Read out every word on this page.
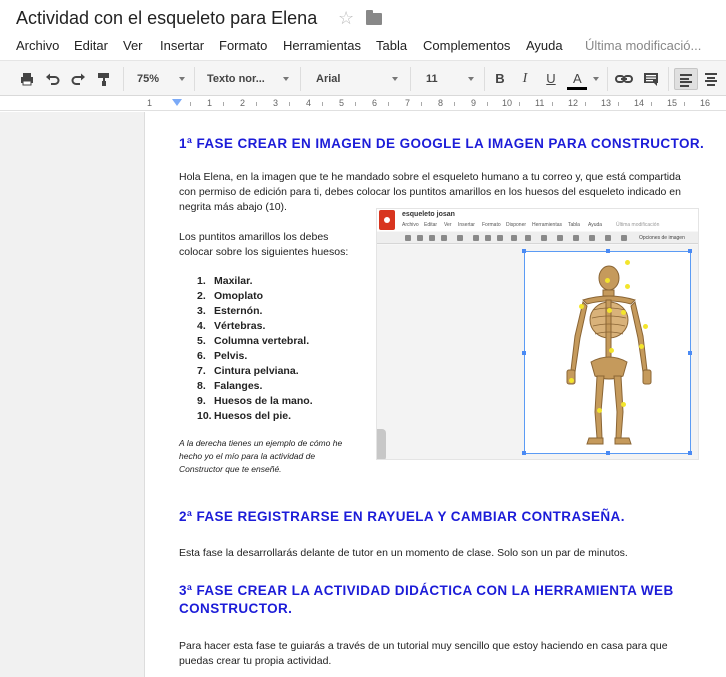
Actividad con el esqueleto para Elena ☆
Archivo Editar Ver Insertar Formato Herramientas Tabla Complementos Ayuda Última modificació...
75%	Texto nor...	Arial	11	B	I	U	A
1	1	2	3	4	5	6	7	8	9	10	11	12	13	14	15	16
1ª FASE CREAR EN IMAGEN DE GOOGLE LA IMAGEN PARA CONSTRUCTOR.
Hola Elena, en la imagen que te he mandado sobre el esqueleto humano a tu correo y, que está compartida
con permiso de edición para ti, debes colocar los puntitos amarillos en los huesos del esqueleto indicado en
negrita más abajo (10).
Los puntitos amarillos los debes
colocar sobre los siguientes huesos:
1. Maxilar.
2. Omoplato
3. Esternón.
4. Vértebras.
5. Columna vertebral.
6. Pelvis.
7. Cintura pelviana.
8. Falanges.
9. Huesos de la mano.
10. Huesos del pie.
A la derecha tienes un ejemplo de cómo he
hecho yo el mío para la actividad de
Constructor que te enseñé.
esqueleto josan
Archivo Editar Ver Insertar Formato Disponer Herramientas Tabla Ayuda	Última modificación
Opciones de imagen
2ª FASE REGISTRARSE EN RAYUELA Y CAMBIAR CONTRASEÑA.
Esta fase la desarrollarás delante de tutor en un momento de clase. Solo son un par de minutos.
3ª FASE CREAR LA ACTIVIDAD DIDÁCTICA CON LA HERRAMIENTA WEB
CONSTRUCTOR.
Para hacer esta fase te guiarás a través de un tutorial muy sencillo que estoy haciendo en casa para que
puedas crear tu propia actividad.
